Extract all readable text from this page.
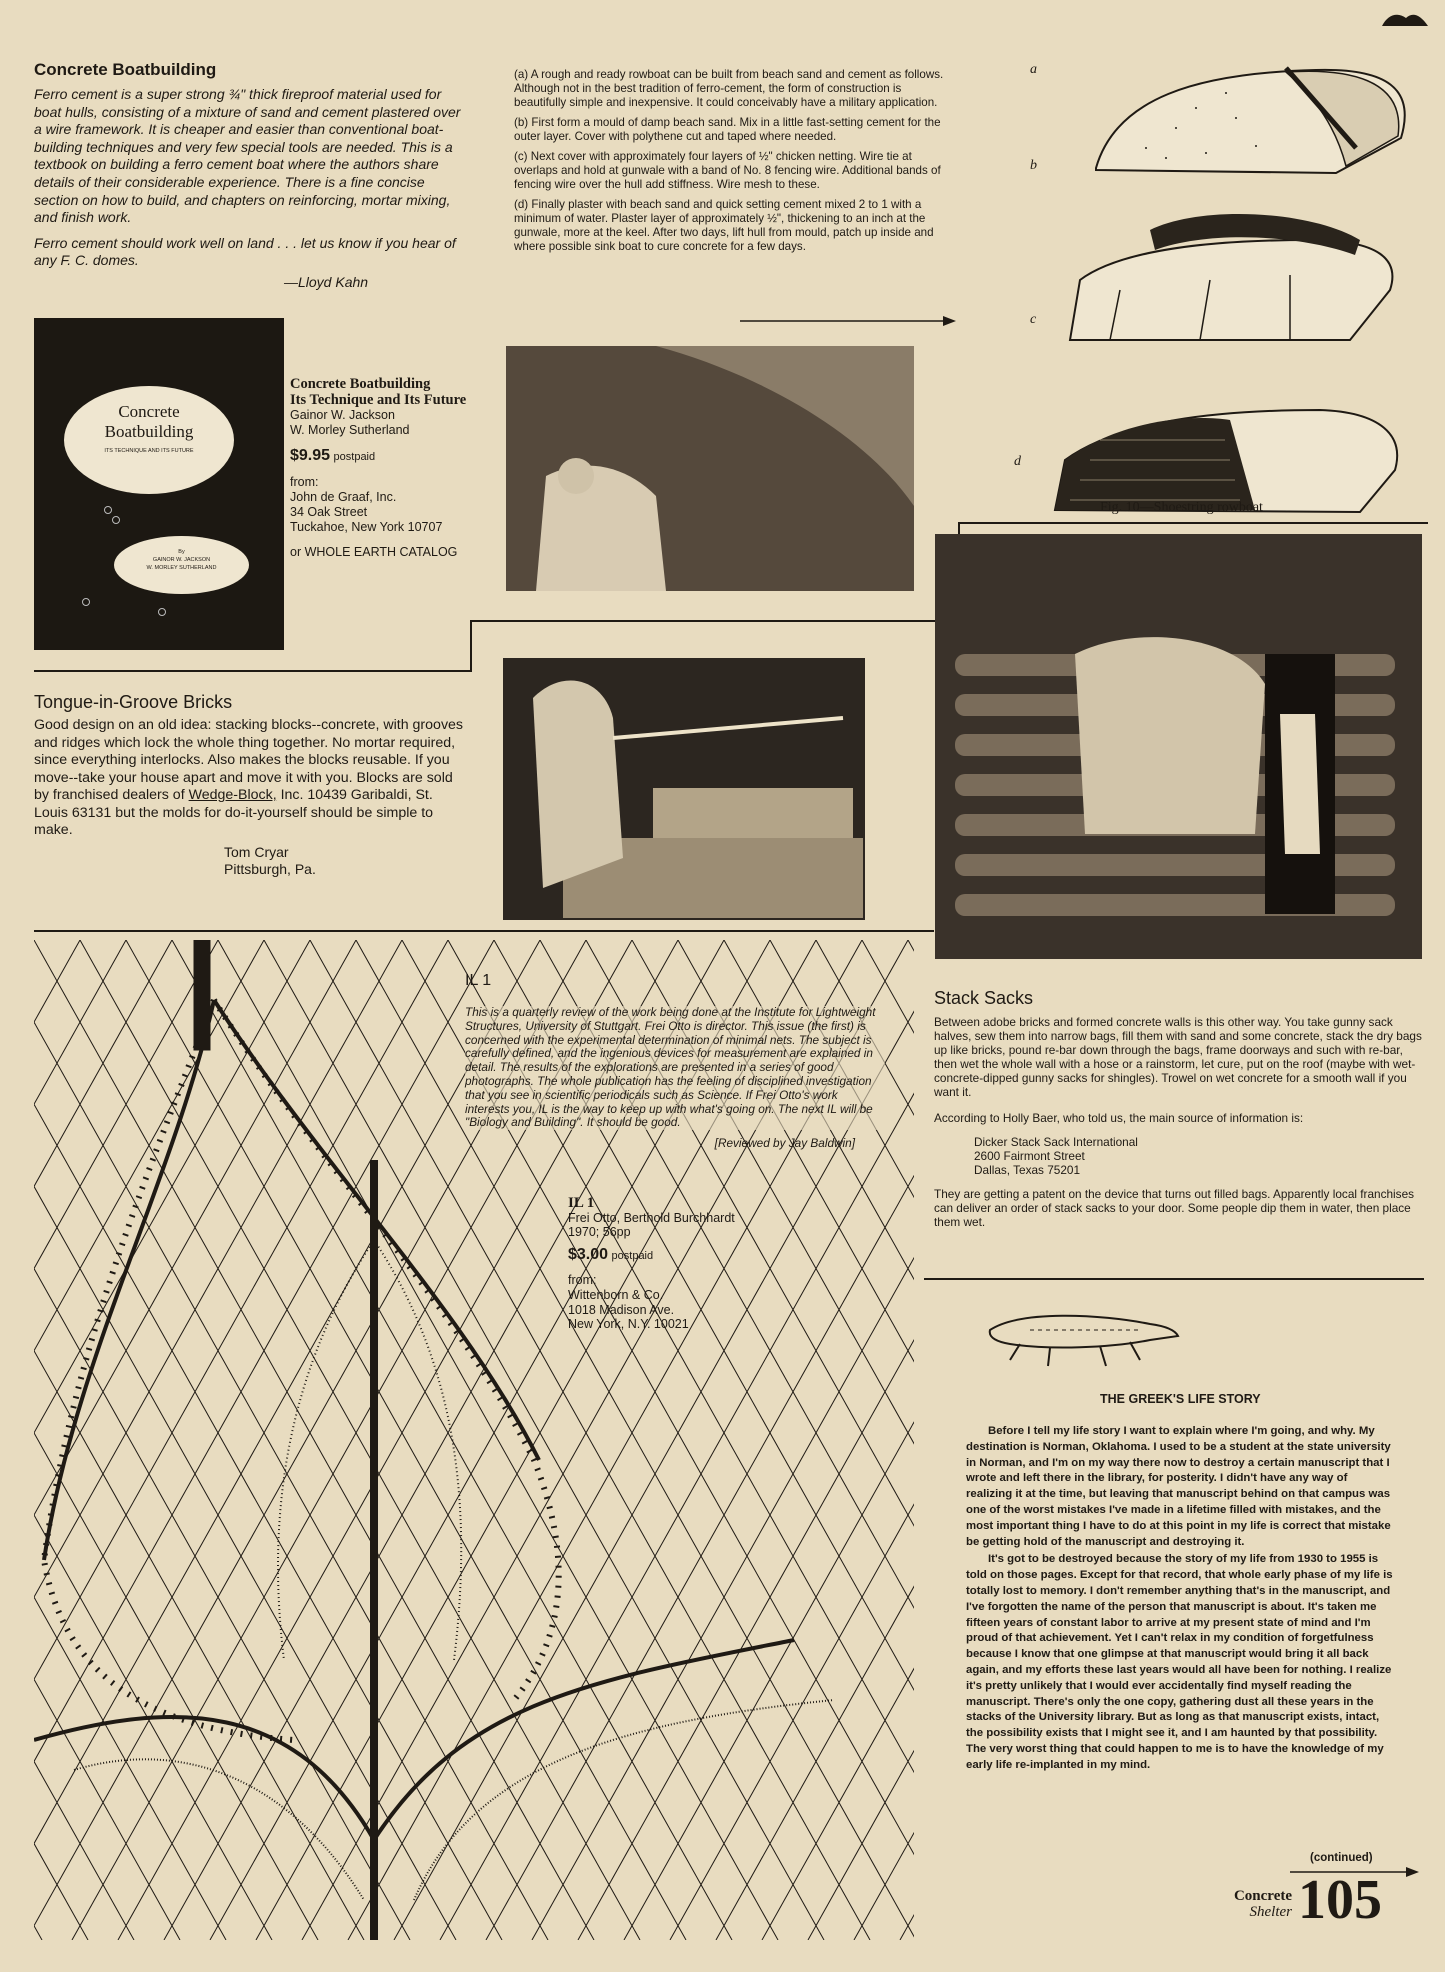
Concrete Boatbuilding

Ferro cement is a super strong ¾" thick fireproof material used for boat hulls, consisting of a mixture of sand and cement plastered over a wire framework. It is cheaper and easier than conventional boat-building techniques and very few special tools are needed. This is a textbook on building a ferro cement boat where the authors share details of their considerable experience. There is a fine concise section on how to build, and chapters on reinforcing, mortar mixing, and finish work.

Ferro cement should work well on land . . . let us know if you hear of any F. C. domes.

—Lloyd Kahn

Concrete
Boatbuilding
ITS TECHNIQUE AND ITS FUTURE
By
GAINOR W. JACKSON
W. MORLEY SUTHERLAND
Concrete Boatbuilding
Its Technique and Its Future
Gainor W. Jackson
W. Morley Sutherland
$9.95 postpaid
from:
John de Graaf, Inc.
34 Oak Street
Tuckahoe, New York 10707
or WHOLE EARTH CATALOG

(a) A rough and ready rowboat can be built from beach sand and cement as follows. Although not in the best tradition of ferro-cement, the form of construction is beautifully simple and inexpensive. It could conceivably have a military application.

(b) First form a mould of damp beach sand. Mix in a little fast-setting cement for the outer layer. Cover with polythene cut and taped where needed.

(c) Next cover with approximately four layers of ½" chicken netting. Wire tie at overlaps and hold at gunwale with a band of No. 8 fencing wire. Additional bands of fencing wire over the hull add stiffness. Wire mesh to these.

(d) Finally plaster with beach sand and quick setting cement mixed 2 to 1 with a minimum of water. Plaster layer of approximately ½", thickening to an inch at the gunwale, more at the keel. After two days, lift hull from mould, patch up inside and where possible sink boat to cure concrete for a few days.

a
b
c
d
Fig. 10—Shoestring rowboat
Tongue-in-Groove Bricks

Good design on an old idea: stacking blocks--concrete, with grooves and ridges which lock the whole thing together. No mortar required, since everything interlocks. Also makes the blocks reusable. If you move--take your house apart and move it with you. Blocks are sold by franchised dealers of Wedge-Block, Inc. 10439 Garibaldi, St. Louis 63131 but the molds for do-it-yourself should be simple to make.

Tom Cryar
Pittsburgh, Pa.
Stack Sacks

Between adobe bricks and formed concrete walls is this other way. You take gunny sack halves, sew them into narrow bags, fill them with sand and some concrete, stack the dry bags up like bricks, pound re-bar down through the bags, frame doorways and such with re-bar, then wet the whole wall with a hose or a rainstorm, let cure, put on the roof (maybe with wet-concrete-dipped gunny sacks for shingles). Trowel on wet concrete for a smooth wall if you want it.

According to Holly Baer, who told us, the main source of information is:

Dicker Stack Sack International
2600 Fairmont Street
Dallas, Texas 75201

They are getting a patent on the device that turns out filled bags. Apparently local franchises can deliver an order of stack sacks to your door. Some people dip them in water, then place them wet.

IL 1

This is a quarterly review of the work being done at the Institute for Lightweight Structures, University of Stuttgart. Frei Otto is director. This issue (the first) is concerned with the experimental determination of minimal nets. The subject is carefully defined, and the ingenious devices for measurement are explained in detail. The results of the explorations are presented in a series of good photographs. The whole publication has the feeling of disciplined investigation that you see in scientific periodicals such as Science. If Frei Otto's work interests you, IL is the way to keep up with what's going on. The next IL will be "Biology and Building". It should be good.

[Reviewed by Jay Baldwin]
IL 1
Frei Otto, Berthold Burchhardt
1970; 56pp
$3.00 postpaid
from:
Wittenborn & Co.
1018 Madison Ave.
New York, N.Y. 10021
THE GREEK'S LIFE STORY

Before I tell my life story I want to explain where I'm going, and why. My destination is Norman, Oklahoma. I used to be a student at the state university in Norman, and I'm on my way there now to destroy a certain manuscript that I wrote and left there in the library, for posterity. I didn't have any way of realizing it at the time, but leaving that manuscript behind on that campus was one of the worst mistakes I've made in a lifetime filled with mistakes, and the most important thing I have to do at this point in my life is correct that mistake be getting hold of the manuscript and destroying it.

It's got to be destroyed because the story of my life from 1930 to 1955 is told on those pages. Except for that record, that whole early phase of my life is totally lost to memory. I don't remember anything that's in the manuscript, and I've forgotten the name of the person that manuscript is about. It's taken me fifteen years of constant labor to arrive at my present state of mind and I'm proud of that achievement. Yet I can't relax in my condition of forgetfulness because I know that one glimpse at that manuscript would bring it all back again, and my efforts these last years would all have been for nothing. I realize it's pretty unlikely that I would ever accidentally find myself reading the manuscript. There's only the one copy, gathering dust all these years in the stacks of the University library. But as long as that manuscript exists, intact, the possibility exists that I might see it, and I am haunted by that possibility. The very worst thing that could happen to me is to have the knowledge of my early life re-implanted in my mind.

(continued)
Concrete
Shelter 105
